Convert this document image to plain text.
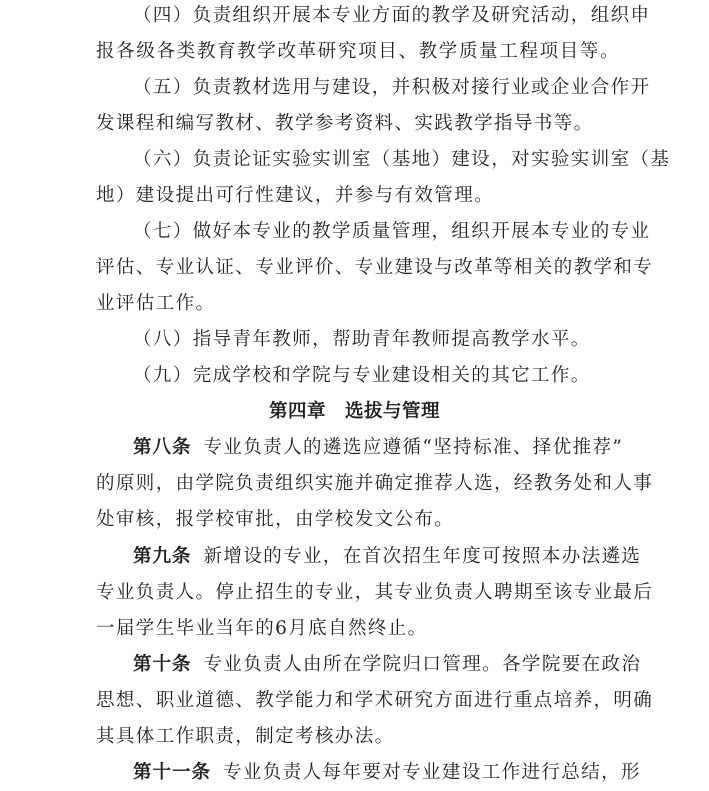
（四）负责组织开展本专业方面的教学及研究活动，组织申
报各级各类教育教学改革研究项目、教学质量工程项目等。
（五）负责教材选用与建设，并积极对接行业或企业合作开
发课程和编写教材、教学参考资料、实践教学指导书等。
（六）负责论证实验实训室（基地）建设，对实验实训室（基
地）建设提出可行性建议，并参与有效管理。
（七）做好本专业的教学质量管理，组织开展本专业的专业
评估、专业认证、专业评价、专业建设与改革等相关的教学和专
业评估工作。
（八）指导青年教师，帮助青年教师提高教学水平。
（九）完成学校和学院与专业建设相关的其它工作。
第四章　选拔与管理
第八条 专业负责人的遴选应遵循“坚持标准、择优推荐”
的原则，由学院负责组织实施并确定推荐人选，经教务处和人事
处审核，报学校审批，由学校发文公布。
第九条 新增设的专业，在首次招生年度可按照本办法遴选
专业负责人。停止招生的专业，其专业负责人聘期至该专业最后
一届学生毕业当年的6月底自然终止。
第十条 专业负责人由所在学院归口管理。各学院要在政治
思想、职业道德、教学能力和学术研究方面进行重点培养，明确
其具体工作职责，制定考核办法。
第十一条 专业负责人每年要对专业建设工作进行总结，形
